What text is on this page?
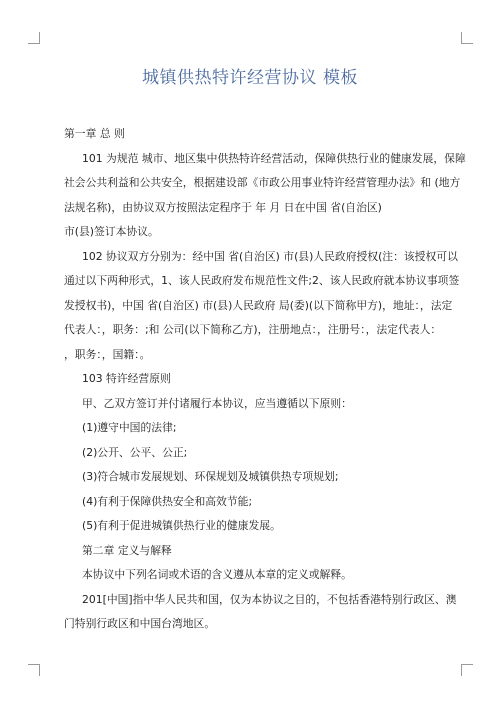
城镇供热特许经营协议 模板

第一章 总 则

101 为规范 城市、地区集中供热特许经营活动，保障供热行业的健康发展，保障

社会公共利益和公共安全，根据建设部《市政公用事业特许经营管理办法》和 (地方

法规名称)，由协议双方按照法定程序于 年 月 日在中国 省(自治区)

市(县)签订本协议。

102 协议双方分别为：经中国 省(自治区) 市(县)人民政府授权(注：该授权可以

通过以下两种形式，1、该人民政府发布规范性文件;2、该人民政府就本协议事项签

发授权书)，中国 省(自治区) 市(县)人民政府 局(委)(以下简称甲方)，地址：，法定

代表人：，职务：;和 公司(以下简称乙方)，注册地点：，注册号：，法定代表人：

，职务：，国籍：。

103 特许经营原则

甲、乙双方签订并付诸履行本协议，应当遵循以下原则：

(1)遵守中国的法律;

(2)公开、公平、公正;

(3)符合城市发展规划、环保规划及城镇供热专项规划;

(4)有利于保障供热安全和高效节能;

(5)有利于促进城镇供热行业的健康发展。

第二章 定义与解释

本协议中下列名词或术语的含义遵从本章的定义或解释。

201[中国]指中华人民共和国，仅为本协议之目的，不包括香港特别行政区、澳

门特别行政区和中国台湾地区。
